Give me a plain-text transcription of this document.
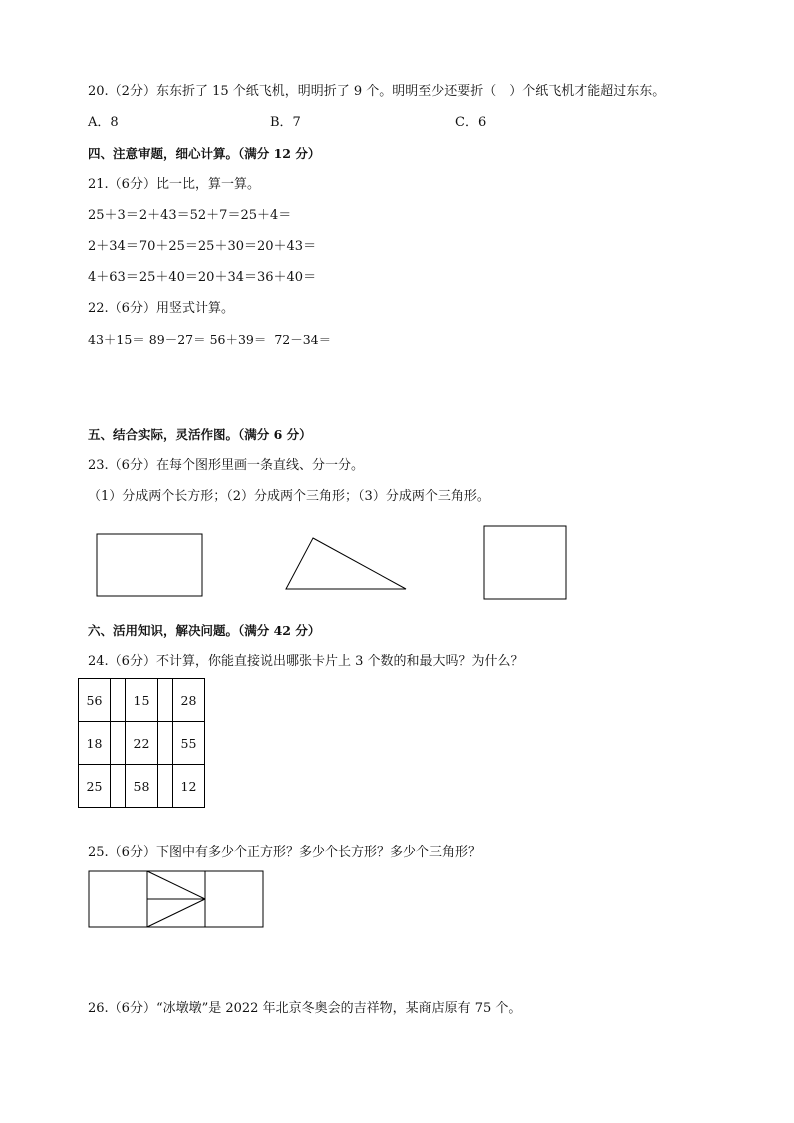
20.（2分）东东折了 15 个纸飞机，明明折了 9 个。明明至少还要折（　）个纸飞机才能超过东东。
A．8	B．7	C．6
四、注意审题，细心计算。（满分 12 分）
21.（6分）比一比，算一算。
25＋3＝2＋43＝52＋7＝25＋4＝
2＋34＝70＋25＝25＋30＝20＋43＝
4＋63＝25＋40＝20＋34＝36＋40＝
22.（6分）用竖式计算。
43＋15＝ 89－27＝ 56＋39＝  72－34＝
五、结合实际，灵活作图。（满分 6 分）
23.（6分）在每个图形里画一条直线、分一分。
（1）分成两个长方形；（2）分成两个三角形；（3）分成两个三角形。
六、活用知识，解决问题。（满分 42 分）
24.（6分）不计算，你能直接说出哪张卡片上 3 个数的和最大吗？为什么？
56		15		28
18		22		55
25		58		12
25.（6分）下图中有多少个正方形？多少个长方形？多少个三角形？
26.（6分）“冰墩墩”是 2022 年北京冬奥会的吉祥物，某商店原有 75 个。
